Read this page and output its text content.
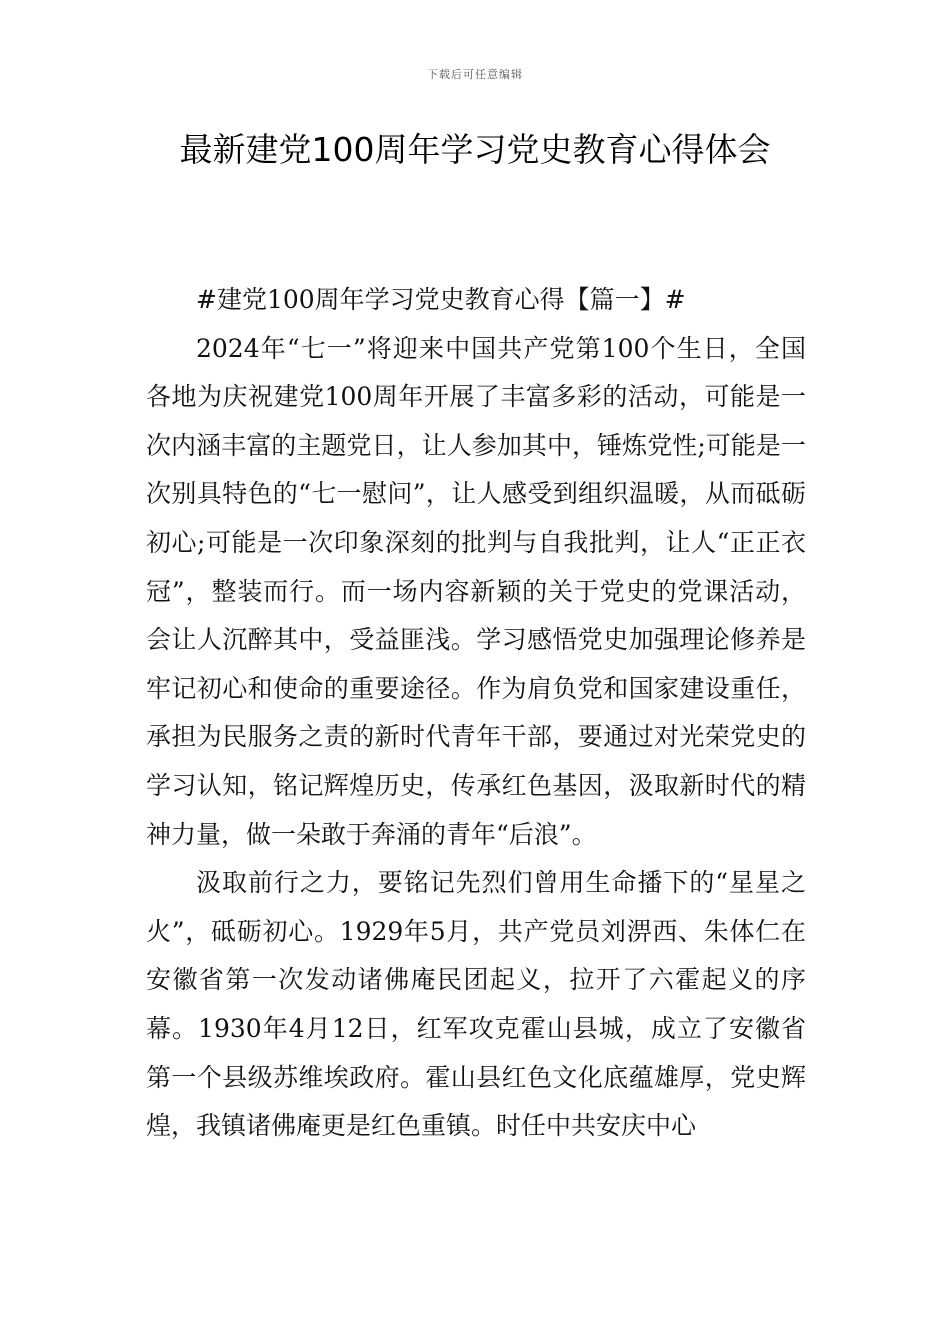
下载后可任意编辑
最新建党100周年学习党史教育心得体会

#建党100周年学习党史教育心得【篇一】#

2024年“七一”将迎来中国共产党第100个生日，全国各地为庆祝建党100周年开展了丰富多彩的活动，可能是一次内涵丰富的主题党日，让人参加其中，锤炼党性;可能是一次别具特色的“七一慰问”，让人感受到组织温暖，从而砥砺初心;可能是一次印象深刻的批判与自我批判，让人“正正衣冠”，整装而行。而一场内容新颖的关于党史的党课活动，会让人沉醉其中，受益匪浅。学习感悟党史加强理论修养是牢记初心和使命的重要途径。作为肩负党和国家建设重任，承担为民服务之责的新时代青年干部，要通过对光荣党史的学习认知，铭记辉煌历史，传承红色基因，汲取新时代的精神力量，做一朵敢于奔涌的青年“后浪”。

汲取前行之力，要铭记先烈们曾用生命播下的“星星之火”，砥砺初心。1929年5月，共产党员刘淠西、朱体仁在安徽省第一次发动诸佛庵民团起义，拉开了六霍起义的序幕。1930年4月12日，红军攻克霍山县城，成立了安徽省第一个县级苏维埃政府。霍山县红色文化底蕴雄厚，党史辉煌，我镇诸佛庵更是红色重镇。时任中共安庆中心
